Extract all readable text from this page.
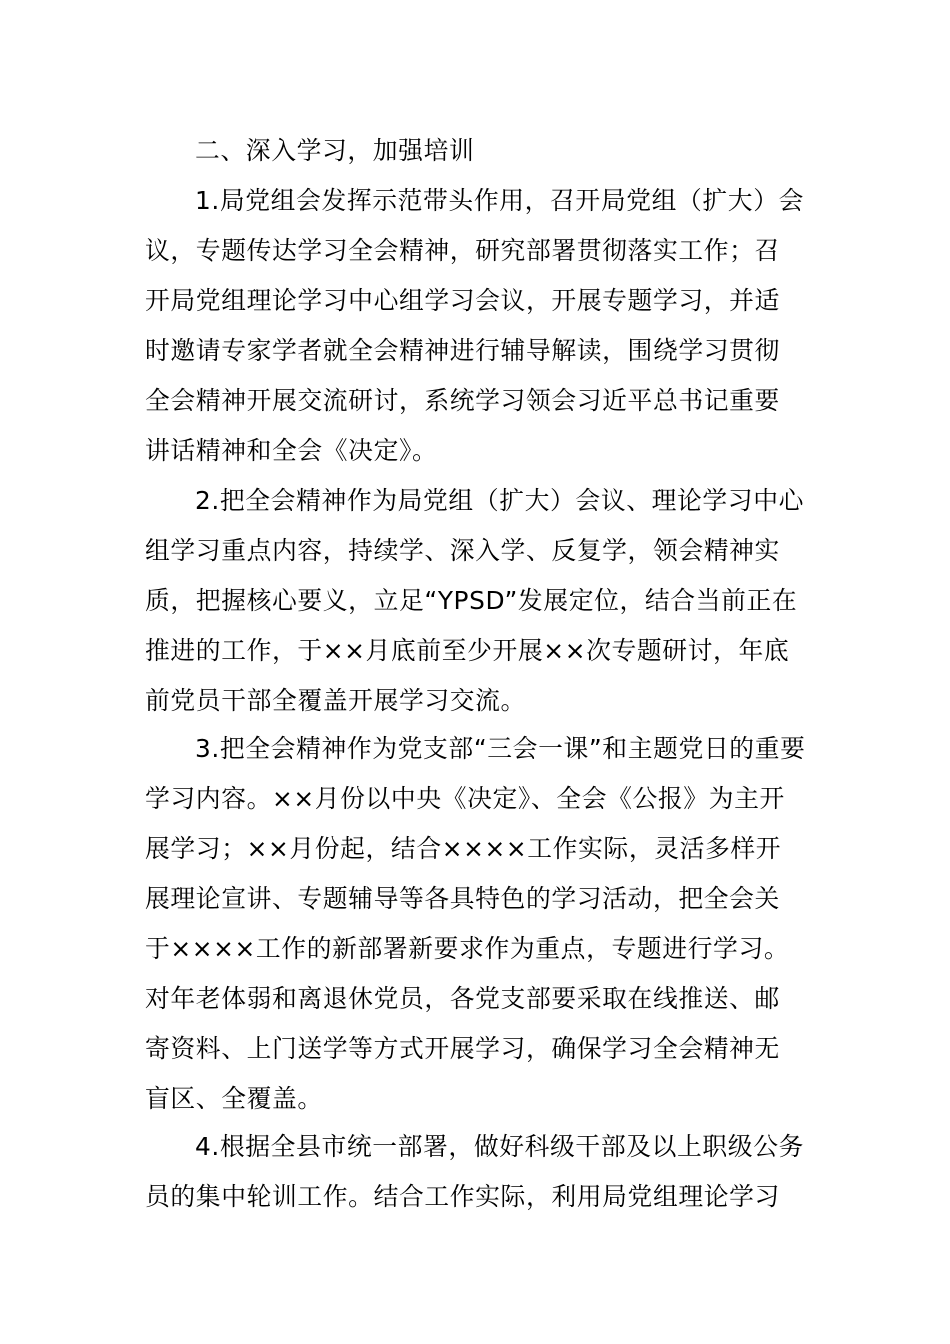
二、深入学习，加强培训
1.局党组会发挥示范带头作用，召开局党组（扩大）会
议，专题传达学习全会精神，研究部署贯彻落实工作；召
开局党组理论学习中心组学习会议，开展专题学习，并适
时邀请专家学者就全会精神进行辅导解读，围绕学习贯彻
全会精神开展交流研讨，系统学习领会习近平总书记重要
讲话精神和全会《决定》。
2.把全会精神作为局党组（扩大）会议、理论学习中心
组学习重点内容，持续学、深入学、反复学，领会精神实
质，把握核心要义，立足“YPSD”发展定位，结合当前正在
推进的工作，于××月底前至少开展××次专题研讨，年底
前党员干部全覆盖开展学习交流。
3.把全会精神作为党支部“三会一课”和主题党日的重要
学习内容。××月份以中央《决定》、全会《公报》为主开
展学习；××月份起，结合××××工作实际，灵活多样开
展理论宣讲、专题辅导等各具特色的学习活动，把全会关
于××××工作的新部署新要求作为重点，专题进行学习。
对年老体弱和离退休党员，各党支部要采取在线推送、邮
寄资料、上门送学等方式开展学习，确保学习全会精神无
盲区、全覆盖。
4.根据全县市统一部署，做好科级干部及以上职级公务
员的集中轮训工作。结合工作实际，利用局党组理论学习
